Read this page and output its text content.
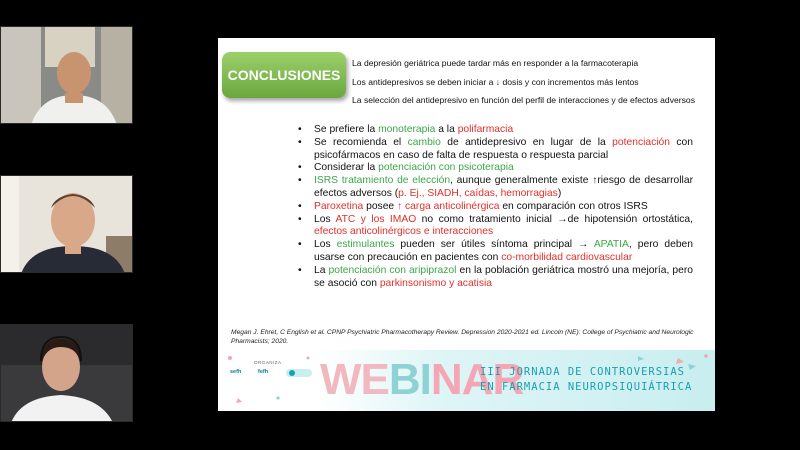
CONCLUSIONES
La depresión geriátrica puede tardar más en responder a la farmacoterapia
Los antidepresivos se deben iniciar a ↓ dosis y con incrementos más lentos
La selección del antidepresivo en función del perfil de interacciones y de efectos adversos
• Se prefiere la monoterapia a la polifarmacia
• Se recomienda el cambio de antidepresivo en lugar de la potenciación con psicofármacos en caso de falta de respuesta o respuesta parcial
• Considerar la potenciación con psicoterapia
• ISRS tratamiento de elección, aunque generalmente existe ↑riesgo de desarrollar efectos adversos (p. Ej., SIADH, caídas, hemorragias)
• Paroxetina posee ↑ carga anticolinérgica en comparación con otros ISRS
• Los ATC y los IMAO no como tratamiento inicial →de hipotensión ortostática, efectos anticolinérgicos e interacciones
• Los estimulantes pueden ser útiles síntoma principal → APATIA, pero deben usarse con precaución en pacientes con co-morbilidad cardiovascular
• La potenciación con aripiprazol en la población geriátrica mostró una mejoría, pero se asoció con parkinsonismo y acatisia
Megan J. Ehret, C English et al. CPNP Psychiatric Pharmacotherapy Review. Depression 2020-2021 ed. Lincoln (NE): College of Psychiatric and Neurologic Pharmacists; 2020.
ORGANIZA
sefh	fefh WEBINAR
III JORNADA DE CONTROVERSIAS
EN FARMACIA NEUROPSIQUIÁTRICA
